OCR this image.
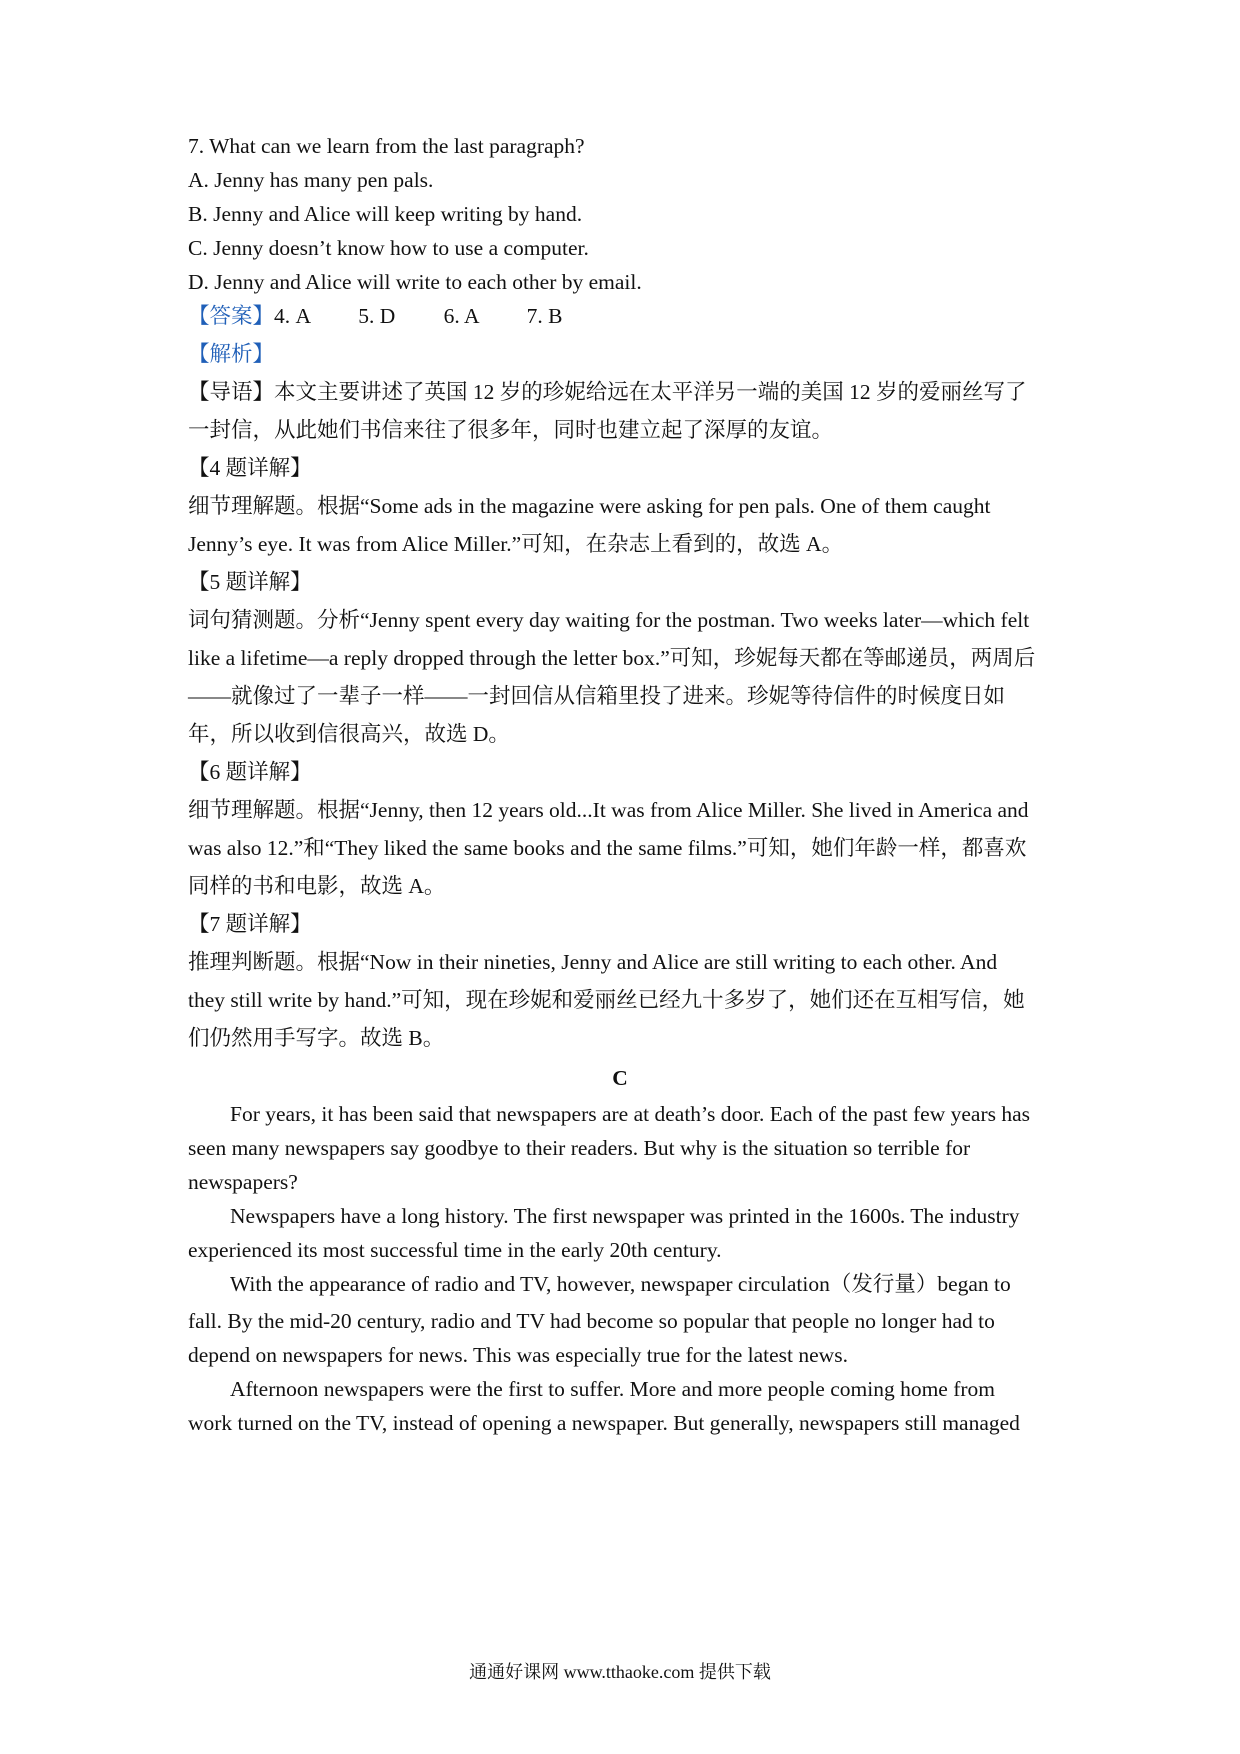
7. What can we learn from the last paragraph?
A. Jenny has many pen pals.
B. Jenny and Alice will keep writing by hand.
C. Jenny doesn’t know how to use a computer.
D. Jenny and Alice will write to each other by email.
【答案】4. A　　 5. D　　 6. A　　 7. B
【解析】
【导语】本文主要讲述了英国 12 岁的珍妮给远在太平洋另一端的美国 12 岁的爱丽丝写了
一封信，从此她们书信来往了很多年，同时也建立起了深厚的友谊。
【4 题详解】
细节理解题。根据“Some ads in the magazine were asking for pen pals. One of them caught
Jenny’s eye. It was from Alice Miller.”可知，在杂志上看到的，故选 A。
【5 题详解】
词句猜测题。分析“Jenny spent every day waiting for the postman. Two weeks later—which felt
like a lifetime—a reply dropped through the letter box.”可知，珍妮每天都在等邮递员，两周后
——就像过了一辈子一样——一封回信从信箱里投了进来。珍妮等待信件的时候度日如
年，所以收到信很高兴，故选 D。
【6 题详解】
细节理解题。根据“Jenny, then 12 years old...It was from Alice Miller. She lived in America and
was also 12.”和“They liked the same books and the same films.”可知，她们年龄一样，都喜欢
同样的书和电影，故选 A。
【7 题详解】
推理判断题。根据“Now in their nineties, Jenny and Alice are still writing to each other. And
they still write by hand.”可知，现在珍妮和爱丽丝已经九十多岁了，她们还在互相写信，她
们仍然用手写字。故选 B。
C
For years, it has been said that newspapers are at death’s door. Each of the past few years has
seen many newspapers say goodbye to their readers. But why is the situation so terrible for
newspapers?
Newspapers have a long history. The first newspaper was printed in the 1600s. The industry
experienced its most successful time in the early 20th century.
With the appearance of radio and TV, however, newspaper circulation（发行量）began to
fall. By the mid-20 century, radio and TV had become so popular that people no longer had to
depend on newspapers for news. This was especially true for the latest news.
Afternoon newspapers were the first to suffer. More and more people coming home from
work turned on the TV, instead of opening a newspaper. But generally, newspapers still managed
通通好课网 www.tthaoke.com 提供下载
